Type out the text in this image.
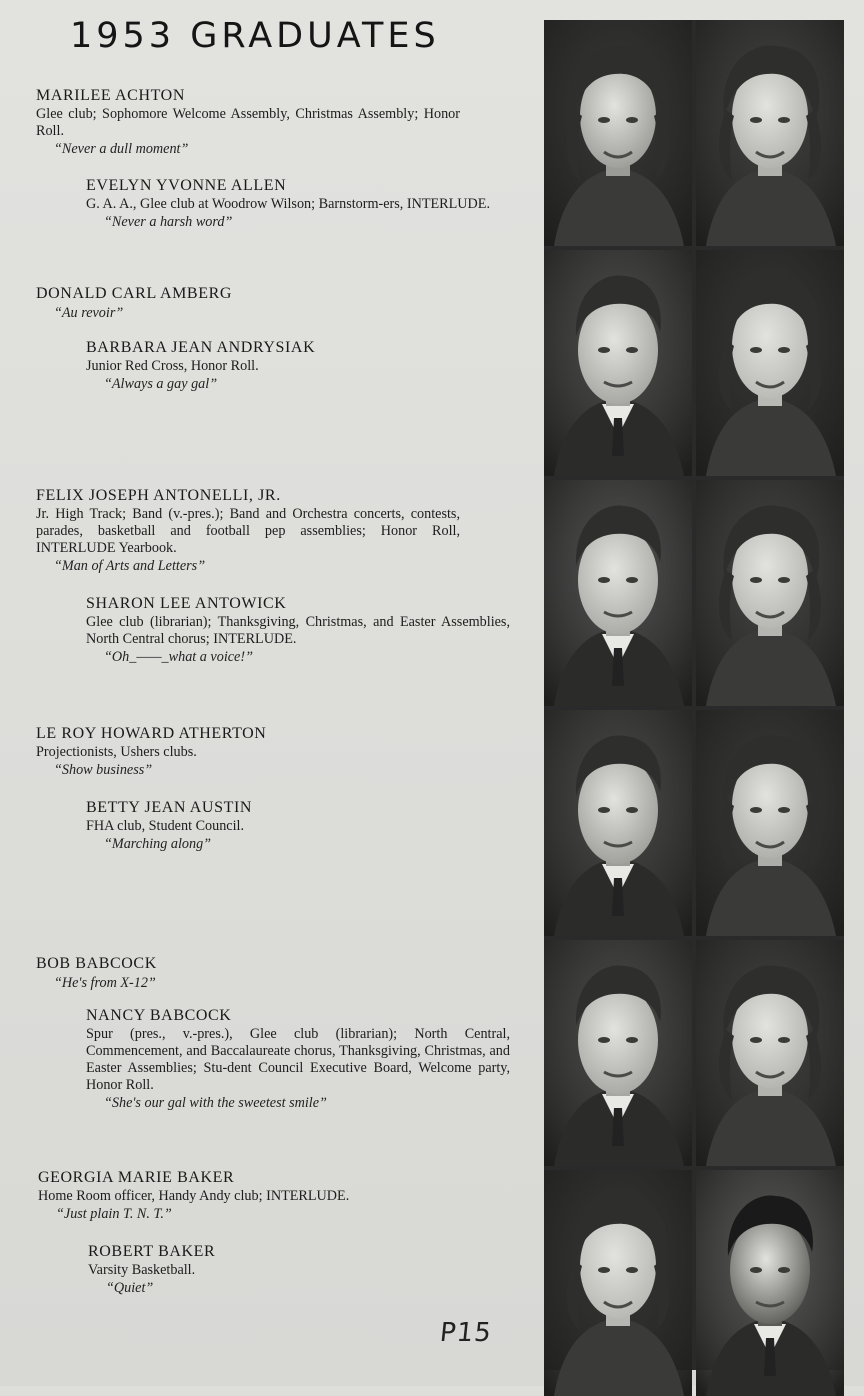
1953 GRADUATES
MARILEE ACHTON
Glee club; Sophomore Welcome Assembly, Christmas Assembly; Honor Roll.
“Never a dull moment”
EVELYN YVONNE ALLEN
G. A. A., Glee club at Woodrow Wilson; Barnstorm-ers, INTERLUDE.
“Never a harsh word”
DONALD CARL AMBERG
“Au revoir”
BARBARA JEAN ANDRYSIAK
Junior Red Cross, Honor Roll.
“Always a gay gal”
FELIX JOSEPH ANTONELLI, JR.
Jr. High Track; Band (v.-pres.); Band and Orchestra concerts, contests, parades, basketball and football pep assemblies; Honor Roll, INTERLUDE Yearbook.
“Man of Arts and Letters”
SHARON LEE ANTOWICK
Glee club (librarian); Thanksgiving, Christmas, and Easter Assemblies, North Central chorus; INTERLUDE.
“Oh_——_what a voice!”
LE ROY HOWARD ATHERTON
Projectionists, Ushers clubs.
“Show business”
BETTY JEAN AUSTIN
FHA club, Student Council.
“Marching along”
BOB BABCOCK
“He's from X-12”
NANCY BABCOCK
Spur (pres., v.-pres.), Glee club (librarian); North Central, Commencement, and Baccalaureate chorus, Thanksgiving, Christmas, and Easter Assemblies; Stu-dent Council Executive Board, Welcome party, Honor Roll.
“She's our gal with the sweetest smile”
GEORGIA MARIE BAKER
Home Room officer, Handy Andy club; INTERLUDE.
“Just plain T. N. T.”
ROBERT BAKER
Varsity Basketball.
“Quiet”
P15
